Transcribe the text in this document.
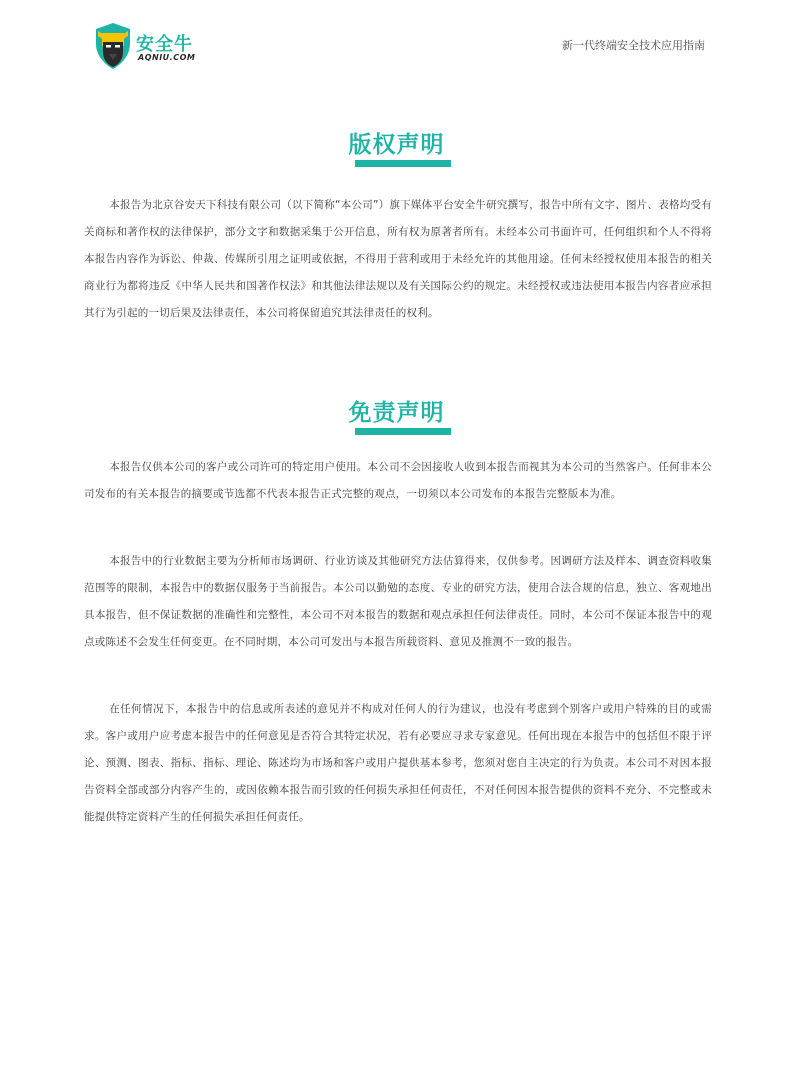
安全牛
AQNIU.COM
新一代终端安全技术应用指南
版权声明

本报告为北京谷安天下科技有限公司（以下简称“本公司”）旗下媒体平台安全牛研究撰写，报告中所有文字、图片、表格均受有关商标和著作权的法律保护，部分文字和数据采集于公开信息，所有权为原著者所有。未经本公司书面许可，任何组织和个人不得将本报告内容作为诉讼、仲裁、传媒所引用之证明或依据，不得用于营利或用于未经允许的其他用途。任何未经授权使用本报告的相关商业行为都将违反《中华人民共和国著作权法》和其他法律法规以及有关国际公约的规定。未经授权或违法使用本报告内容者应承担其行为引起的一切后果及法律责任，本公司将保留追究其法律责任的权利。

免责声明

本报告仅供本公司的客户或公司许可的特定用户使用。本公司不会因接收人收到本报告而视其为本公司的当然客户。任何非本公司发布的有关本报告的摘要或节选都不代表本报告正式完整的观点，一切须以本公司发布的本报告完整版本为准。

本报告中的行业数据主要为分析师市场调研、行业访谈及其他研究方法估算得来，仅供参考。因调研方法及样本、调查资料收集范围等的限制，本报告中的数据仅服务于当前报告。本公司以勤勉的态度、专业的研究方法，使用合法合规的信息，独立、客观地出具本报告，但不保证数据的准确性和完整性，本公司不对本报告的数据和观点承担任何法律责任。同时，本公司不保证本报告中的观点或陈述不会发生任何变更。在不同时期，本公司可发出与本报告所载资料、意见及推测不一致的报告。

在任何情况下，本报告中的信息或所表述的意见并不构成对任何人的行为建议，也没有考虑到个别客户或用户特殊的目的或需求。客户或用户应考虑本报告中的任何意见是否符合其特定状况，若有必要应寻求专家意见。任何出现在本报告中的包括但不限于评论、预测、图表、指标、指标、理论、陈述均为市场和客户或用户提供基本参考，您须对您自主决定的行为负责。本公司不对因本报告资料全部或部分内容产生的，或因依赖本报告而引致的任何损失承担任何责任，不对任何因本报告提供的资料不充分、不完整或未能提供特定资料产生的任何损失承担任何责任。
